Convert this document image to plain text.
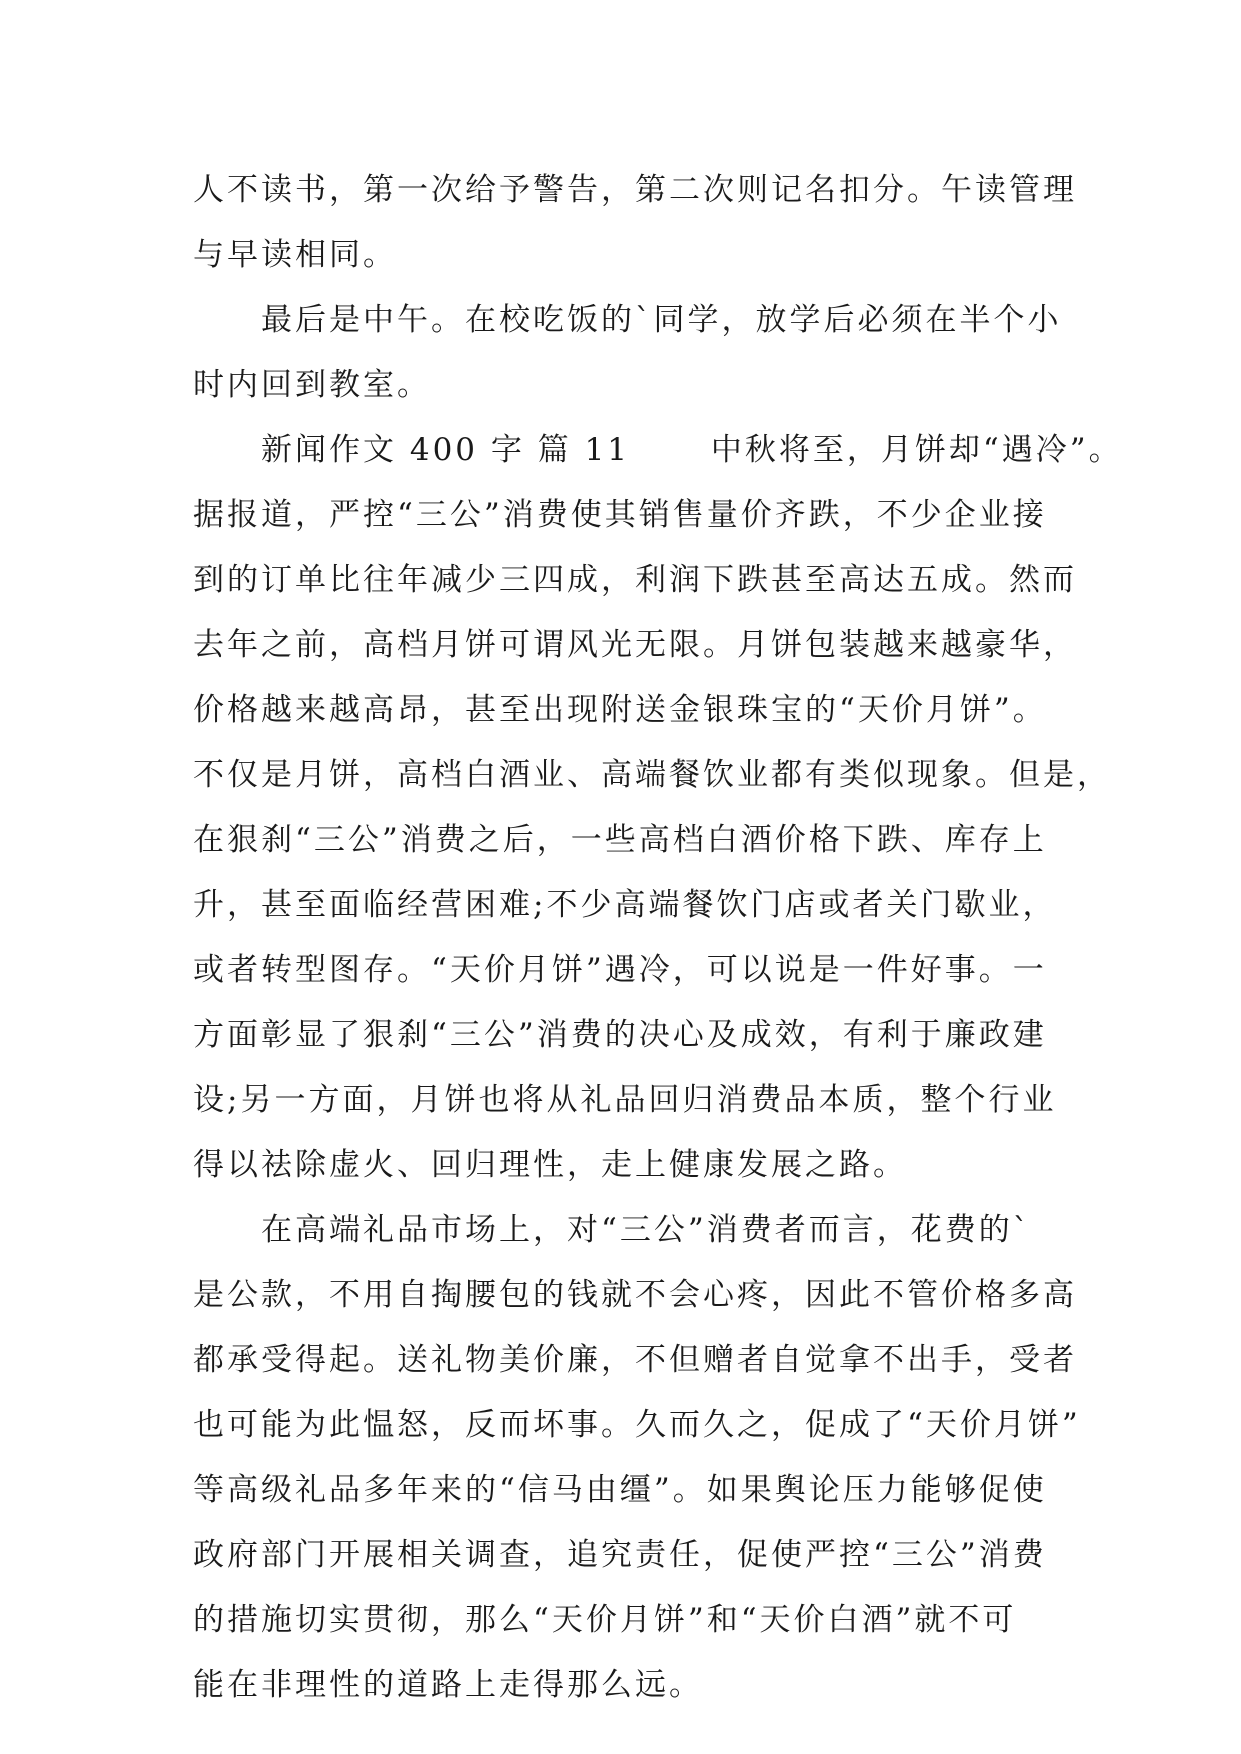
人不读书，第一次给予警告，第二次则记名扣分。午读管理
与早读相同。
　　最后是中午。在校吃饭的`同学，放学后必须在半个小
时内回到教室。
　　新闻作文 400 字 篇 11　　 中秋将至，月饼却“遇冷”。
据报道，严控“三公”消费使其销售量价齐跌，不少企业接
到的订单比往年减少三四成，利润下跌甚至高达五成。然而
去年之前，高档月饼可谓风光无限。月饼包装越来越豪华，
价格越来越高昂，甚至出现附送金银珠宝的“天价月饼”。
不仅是月饼，高档白酒业、高端餐饮业都有类似现象。但是，
在狠刹“三公”消费之后，一些高档白酒价格下跌、库存上
升，甚至面临经营困难;不少高端餐饮门店或者关门歇业，
或者转型图存。“天价月饼”遇冷，可以说是一件好事。一
方面彰显了狠刹“三公”消费的决心及成效，有利于廉政建
设;另一方面，月饼也将从礼品回归消费品本质，整个行业
得以祛除虚火、回归理性，走上健康发展之路。
　　在高端礼品市场上，对“三公”消费者而言，花费的`
是公款，不用自掏腰包的钱就不会心疼，因此不管价格多高
都承受得起。送礼物美价廉，不但赠者自觉拿不出手，受者
也可能为此愠怒，反而坏事。久而久之，促成了“天价月饼”
等高级礼品多年来的“信马由缰”。如果舆论压力能够促使
政府部门开展相关调查，追究责任，促使严控“三公”消费
的措施切实贯彻，那么“天价月饼”和“天价白酒”就不可
能在非理性的道路上走得那么远。
